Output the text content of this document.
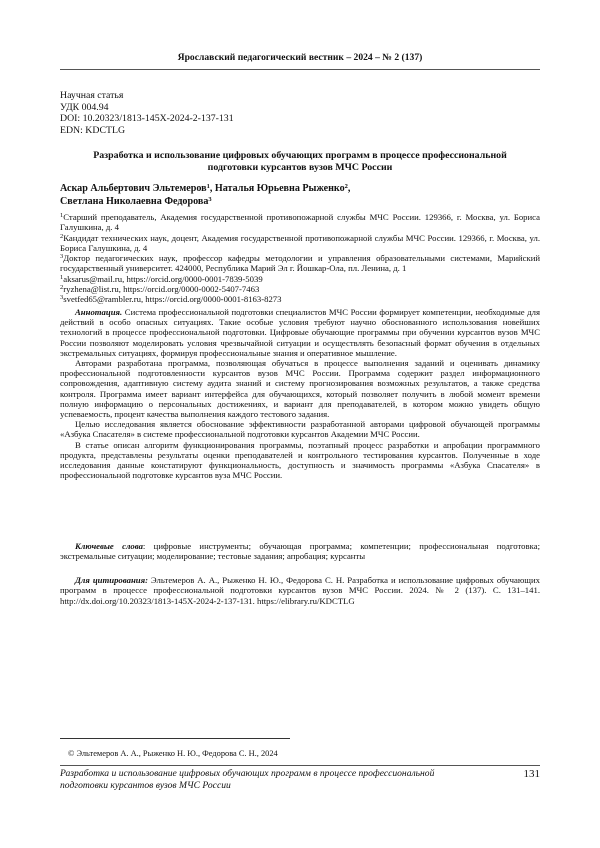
Ярославский педагогический вестник – 2024 – № 2 (137)
Научная статья
УДК 004.94
DOI: 10.20323/1813-145X-2024-2-137-131
EDN: KDCTLG
Разработка и использование цифровых обучающих программ в процессе профессиональной подготовки курсантов вузов МЧС России
Аскар Альбертович Эльтемеров$^1$, Наталья Юрьевна Рыженко$^2$,
Светлана Николаевна Федорова$^3$

$^1$Старший преподаватель, Академия государственной противопожарной службы МЧС России. 129366, г. Москва, ул. Бориса Галушкина, д. 4

$^2$Кандидат технических наук, доцент, Академия государственной противопожарной службы МЧС России. 129366, г. Москва, ул. Бориса Галушкина, д. 4

$^3$Доктор педагогических наук, профессор кафедры методологии и управления образовательными системами, Марийский государственный университет. 424000, Республика Марий Эл г. Йошкар-Ола, пл. Ленина, д. 1

$^1$aksarus@mail.ru, https://orcid.org/0000-0001-7839-5039

$^2$ryzhena@list.ru, https://orcid.org/0000-0002-5407-7463

$^3$svetfed65@rambler.ru, https://orcid.org/0000-0001-8163-8273

Аннотация. Система профессиональной подготовки специалистов МЧС России формирует компетенции, необходимые для действий в особо опасных ситуациях. Такие особые условия требуют научно обоснованного использования новейших технологий в процессе профессиональной подготовки. Цифровые обучающие программы при обучении курсантов вузов МЧС России позволяют моделировать условия чрезвычайной ситуации и осуществлять безопасный формат обучения в отдельных экстремальных ситуациях, формируя профессиональные знания и оперативное мышление.

Авторами разработана программа, позволяющая обучаться в процессе выполнения заданий и оценивать динамику профессиональной подготовленности курсантов вузов МЧС России. Программа содержит раздел информационного сопровождения, адаптивную систему аудита знаний и систему прогнозирования возможных результатов, а также средства контроля. Программа имеет вариант интерфейса для обучающихся, который позволяет получить в любой момент времени полную информацию о персональных достижениях, и вариант для преподавателей, в котором можно увидеть общую успеваемость, процент качества выполнения каждого тестового задания.

Целью исследования является обоснование эффективности разработанной авторами цифровой обучающей программы «Азбука Спасателя» в системе профессиональной подготовки курсантов Академии МЧС России.

В статье описан алгоритм функционирования программы, поэтапный процесс разработки и апробации программного продукта, представлены результаты оценки преподавателей и контрольного тестирования курсантов. Полученные в ходе исследования данные констатируют функциональность, доступность и значимость программы «Азбука Спасателя» в профессиональной подготовке курсантов вуза МЧС России.

Ключевые слова: цифровые инструменты; обучающая программа; компетенции; профессиональная подготовка; экстремальные ситуации; моделирование; тестовые задания; апробация; курсанты
Для цитирования: Эльтемеров А. А., Рыженко Н. Ю., Федорова С. Н. Разработка и использование цифровых обучающих программ в процессе профессиональной подготовки курсантов вузов МЧС России. 2024. № 2 (137). С. 131–141. http://dx.doi.org/10.20323/1813-145X-2024-2-137-131. https://elibrary.ru/KDCTLG
© Эльтемеров А. А., Рыженко Н. Ю., Федорова С. Н., 2024
Разработка и использование цифровых обучающих программ в процессе профессиональной подготовки курсантов вузов МЧС России
131
